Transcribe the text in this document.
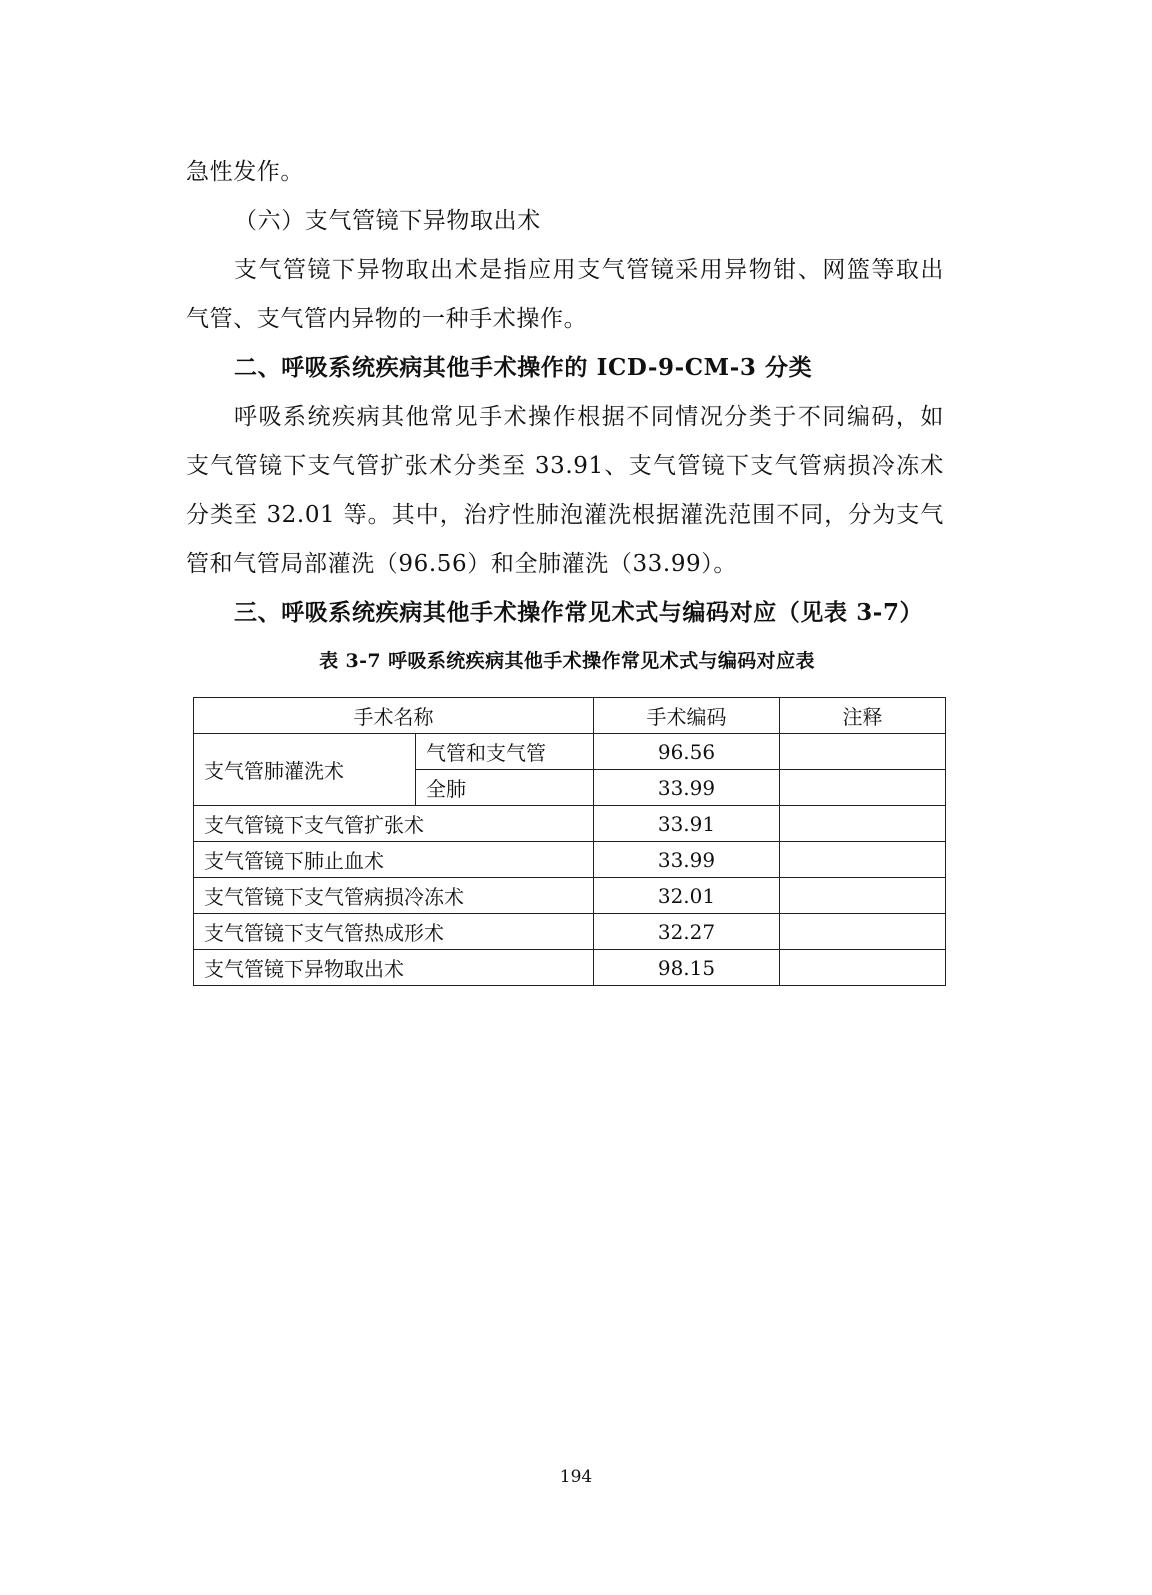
急性发作。
（六）支气管镜下异物取出术
支气管镜下异物取出术是指应用支气管镜采用异物钳、网篮等取出
气管、支气管内异物的一种手术操作。
二、呼吸系统疾病其他手术操作的 ICD-9-CM-3 分类
呼吸系统疾病其他常见手术操作根据不同情况分类于不同编码，如
支气管镜下支气管扩张术分类至 33.91、支气管镜下支气管病损冷冻术
分类至 32.01 等。其中，治疗性肺泡灌洗根据灌洗范围不同，分为支气
管和气管局部灌洗（96.56）和全肺灌洗（33.99）。
三、呼吸系统疾病其他手术操作常见术式与编码对应（见表 3-7）
表 3-7 呼吸系统疾病其他手术操作常见术式与编码对应表
手术名称		手术编码	注释
支气管肺灌洗术	气管和支气管	96.56	
	全肺	33.99	
支气管镜下支气管扩张术		33.91	
支气管镜下肺止血术		33.99	
支气管镜下支气管病损冷冻术		32.01	
支气管镜下支气管热成形术		32.27	
支气管镜下异物取出术		98.15	
194
